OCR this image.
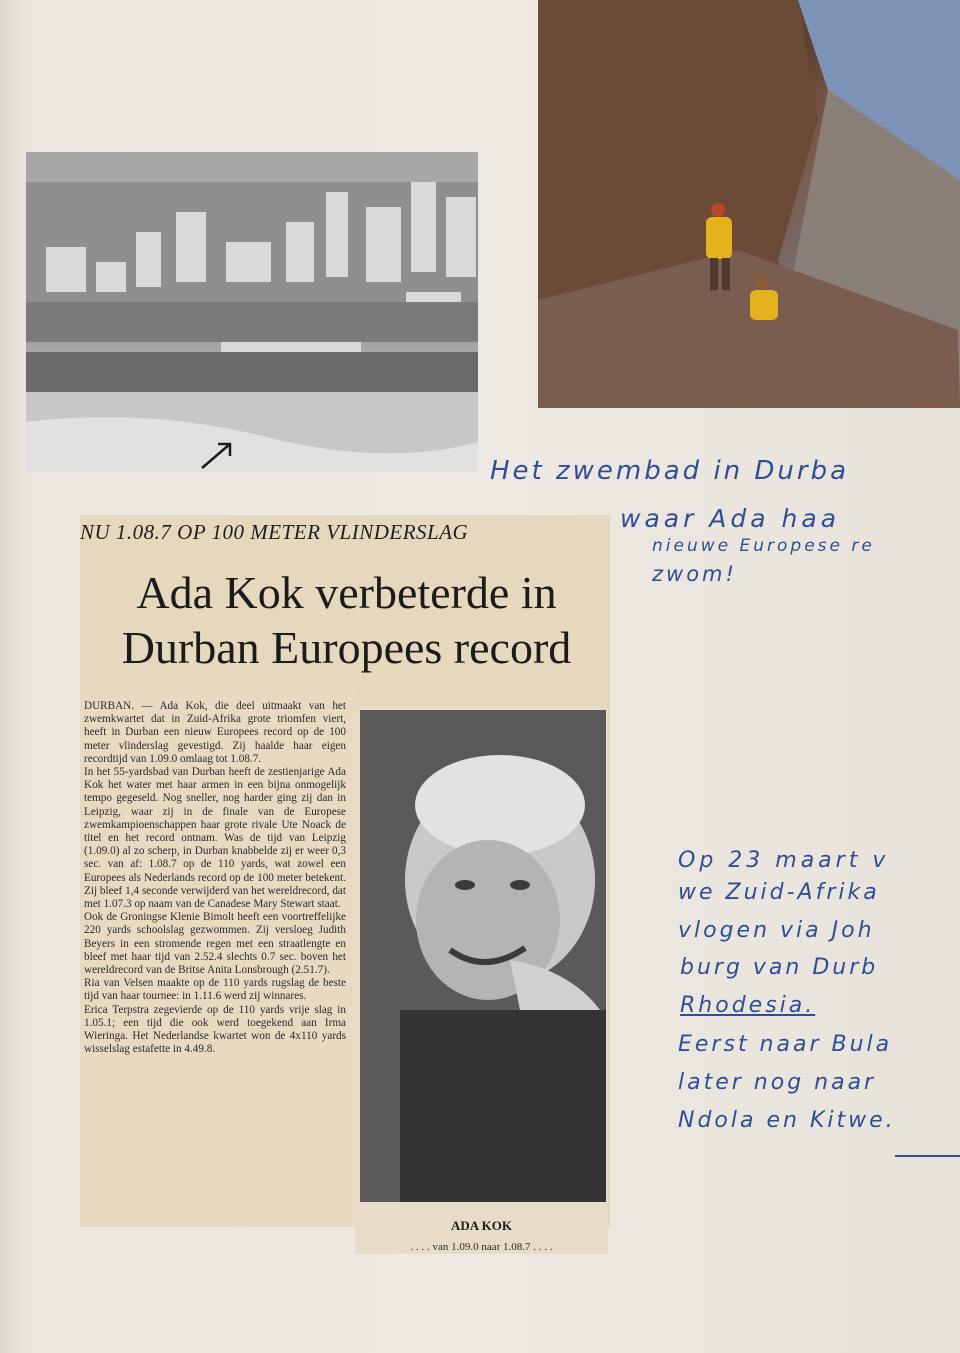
NU 1.08.7 OP 100 METER VLINDERSLAG
Ada Kok verbeterde in
Durban Europees record
DURBAN. — Ada Kok, die deel uitmaakt van het zwemkwartet dat in Zuid-Afrika grote triomfen viert, heeft in Durban een nieuw Europees record op de 100 meter vlinderslag gevestigd. Zij haalde haar eigen recordtijd van 1.09.0 omlaag tot 1.08.7.
In het 55-yardsbad van Durban heeft de zestienjarige Ada Kok het water met haar armen in een bijna onmogelijk tempo gegeseld. Nog sneller, nog harder ging zij dan in Leipzig, waar zij in de finale van de Europese zwemkampioenschappen haar grote rivale Ute Noack de titel en het record ontnam. Was de tijd van Leipzig (1.09.0) al zo scherp, in Durban knabbelde zij er weer 0,3 sec. van af: 1.08.7 op de 110 yards, wat zowel een Europees als Nederlands record op de 100 meter betekent. Zij bleef 1,4 seconde verwijderd van het wereldrecord, dat met 1.07.3 op naam van de Canadese Mary Stewart staat.
Ook de Groningse Klenie Bimolt heeft een voortreffelijke 220 yards schoolslag gezwommen. Zij versloeg Judith Beyers in een stromende regen met een straatlengte en bleef met haar tijd van 2.52.4 slechts 0.7 sec. boven het wereldrecord van de Britse Anita Lonsbrough (2.51.7).
Ria van Velsen maakte op de 110 yards rugslag de beste tijd van haar tournee: in 1.11.6 werd zij winnares.
Erica Terpstra zegevierde op de 110 yards vrije slag in 1.05.1; een tijd die ook werd toegekend aan Irma Wieringa. Het Nederlandse kwartet won de 4x110 yards wisselslag estafette in 4.49.8.
ADA KOK
. . . . van 1.09.0 naar 1.08.7 . . . .
Het zwembad in Durba
waar Ada haa
nieuwe Europese re
zwom!
Op 23 maart v
we Zuid-Afrika
vlogen via Joh
burg van Durb
Rhodesia.
Eerst naar Bula
later nog naar
Ndola en Kitwe.
